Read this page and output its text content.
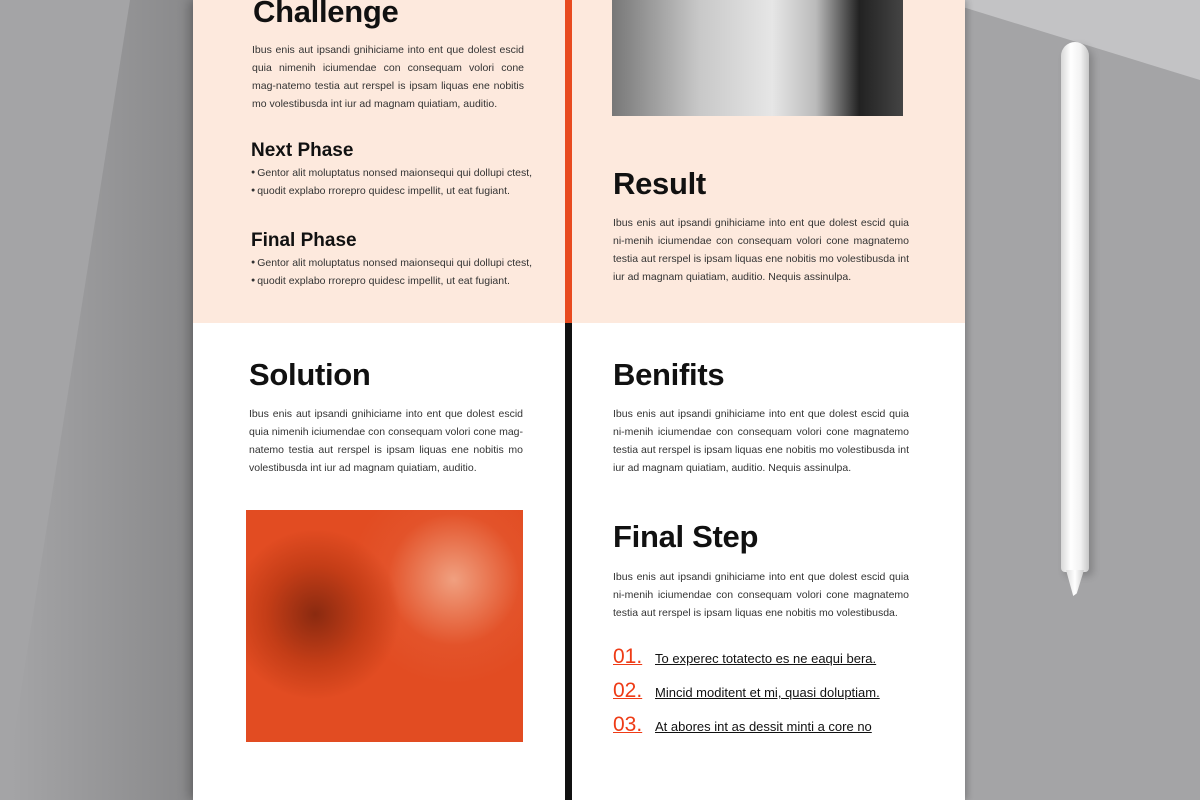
Challenge
Ibus enis aut ipsandi gnihiciame into ent que dolest escid quia nimenih iciumendae con consequam volori cone mag-natemo testia aut rerspel is ipsam liquas ene nobitis mo volestibusda int iur ad magnam quiatiam, auditio.
Next Phase
● Gentor alit moluptatus nonsed maionsequi qui dollupi ctest,
● quodit explabo rrorepro quidesc impellit, ut eat fugiant.
Final Phase
● Gentor alit moluptatus nonsed maionsequi qui dollupi ctest,
● quodit explabo rrorepro quidesc impellit, ut eat fugiant.
Result
Ibus enis aut ipsandi gnihiciame into ent que dolest escid quia ni-menih iciumendae con consequam volori cone magnatemo testia aut rerspel is ipsam liquas ene nobitis mo volestibusda int iur ad magnam quiatiam, auditio. Nequis assinulpa.
Solution
Ibus enis aut ipsandi gnihiciame into ent que dolest escid quia nimenih iciumendae con consequam volori cone mag-natemo testia aut rerspel is ipsam liquas ene nobitis mo volestibusda int iur ad magnam quiatiam, auditio.
Benifits
Ibus enis aut ipsandi gnihiciame into ent que dolest escid quia ni-menih iciumendae con consequam volori cone magnatemo testia aut rerspel is ipsam liquas ene nobitis mo volestibusda int iur ad magnam quiatiam, auditio. Nequis assinulpa.
Final Step
Ibus enis aut ipsandi gnihiciame into ent que dolest escid quia ni-menih iciumendae con consequam volori cone magnatemo testia aut rerspel is ipsam liquas ene nobitis mo volestibusda.
01. To experec totatecto es ne eaqui bera.
02. Mincid moditent et mi, quasi doluptiam.
03. At abores int as dessit minti a core no
